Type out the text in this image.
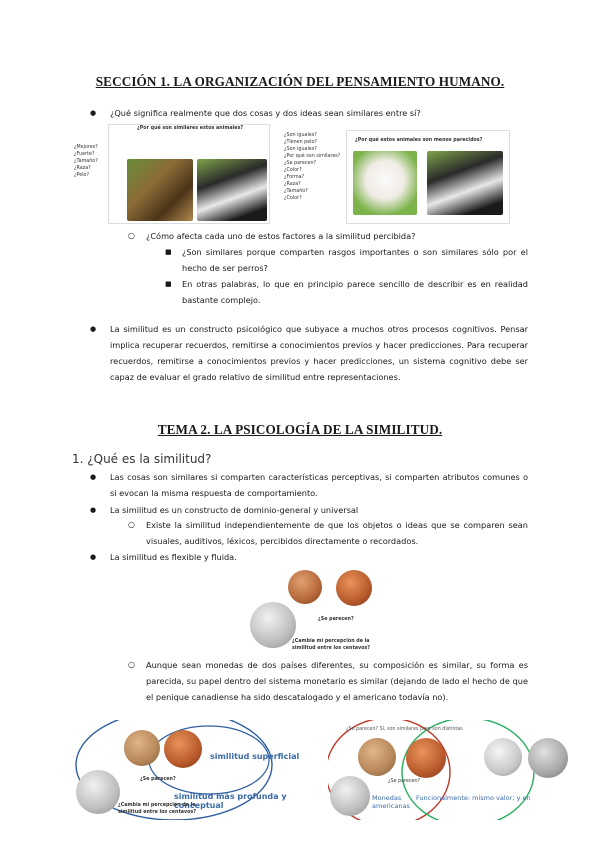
SECCIÓN 1. LA ORGANIZACIÓN DEL PENSAMIENTO HUMANO.
● ¿Qué significa realmente que dos cosas y dos ideas sean similares entre sí?
¿Mejores?
¿Fuerte?
¿Tamaño?
¿Raza?
¿Pelo?
¿Por qué son similares estos animales?
¿Son iguales?
¿Tienen pelo?
¿Son iguales?
¿Por qué son similares?
¿Se parecen?
¿Color?
¿Forma?
¿Raza?
¿Tamaño?
¿Color?
¿Por qué estos animales son menos parecidos?
○ ¿Cómo afecta cada uno de estos factores a la similitud percibida?
■ ¿Son similares porque comparten rasgos importantes o son similares sólo por el hecho de ser perros?
■ En otras palabras, lo que en principio parece sencillo de describir es en realidad bastante complejo.
● La similitud es un constructo psicológico que subyace a muchos otros procesos cognitivos. Pensar implica recuperar recuerdos, remitirse a conocimientos previos y hacer predicciones. Para recuperar recuerdos, remitirse a conocimientos previos y hacer predicciones, un sistema cognitivo debe ser capaz de evaluar el grado relativo de similitud entre representaciones.
TEMA 2. LA PSICOLOGÍA DE LA SIMILITUD.
1. ¿Qué es la similitud?
● Las cosas son similares si comparten características perceptivas, si comparten atributos comunes o si evocan la misma respuesta de comportamiento.
● La similitud es un constructo de dominio-general y universal
○ Existe la similitud independientemente de que los objetos o ideas que se comparen sean visuales, auditivos, léxicos, percibidos directamente o recordados.
● La similitud es flexible y fluida.
¿Se parecen?
¿Cambia mi percepción de la similitud entre los centavos?
○ Aunque sean monedas de dos países diferentes, su composición es similar, su forma es parecida, su papel dentro del sistema monetario es similar (dejando de lado el hecho de que el penique canadiense ha sido descatalogado y el americano todavía no).
similitud superficial
similitud más profunda y conceptual
¿Se parecen?
¿Cambia mi percepción de la similitud entre los centavos?
¿Se parecen? Sí, son similares pero son distintas
¿Se parecen?
Monedas americanas
Funcionalmente: mismo valor; y en
